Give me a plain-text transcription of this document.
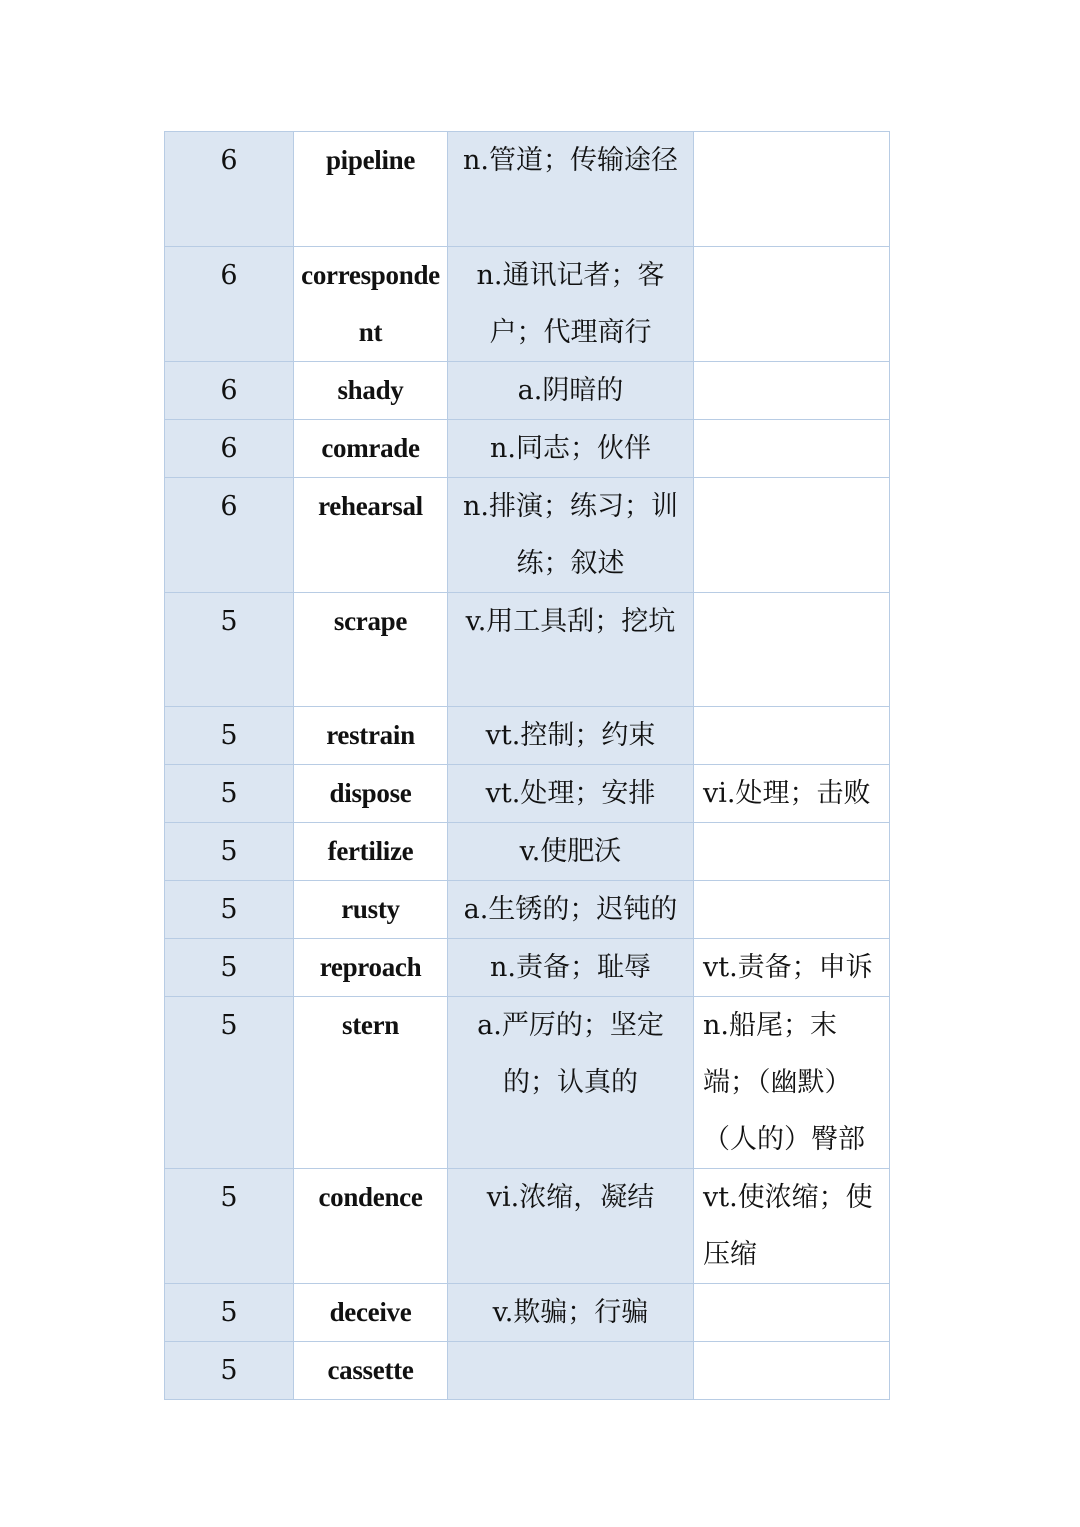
6	pipeline	n.管道；传输途径	
6	correspondent	n.通讯记者；客户；代理商行	
6	shady	a.阴暗的	
6	comrade	n.同志；伙伴	
6	rehearsal	n.排演；练习；训练；叙述	
5	scrape	v.用工具刮；挖坑	
5	restrain	vt.控制；约束	
5	dispose	vt.处理；安排	vi.处理；击败
5	fertilize	v.使肥沃	
5	rusty	a.生锈的；迟钝的	
5	reproach	n.责备；耻辱	vt.责备；申诉
5	stern	a.严厉的；坚定的；认真的	n.船尾；末端；（幽默）（人的）臀部
5	condence	vi.浓缩，凝结	vt.使浓缩；使压缩
5	deceive	v.欺骗；行骗	
5	cassette		
